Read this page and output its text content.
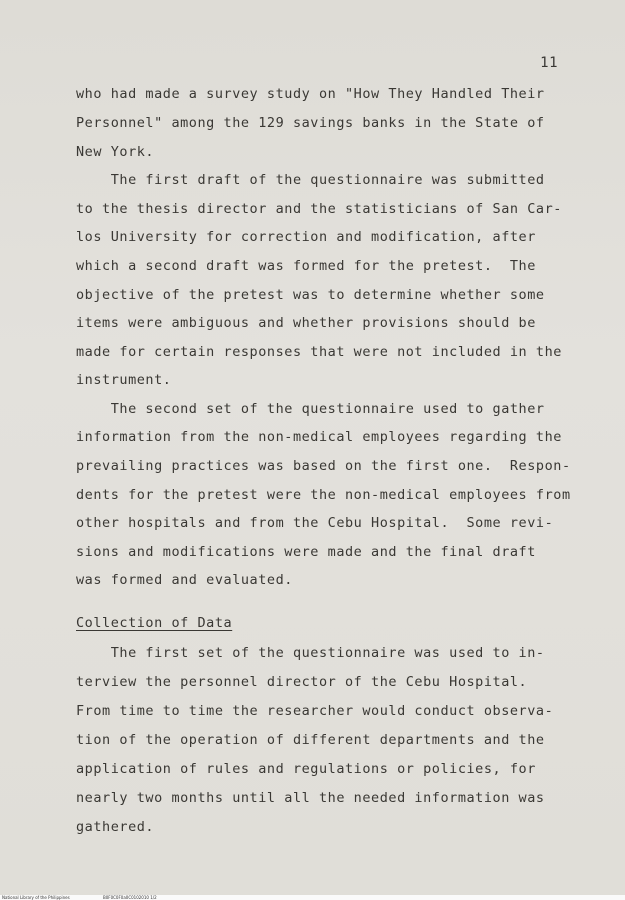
11
who had made a survey study on "How They Handled Their
Personnel" among the 129 savings banks in the State of
New York.
The first draft of the questionnaire was submitted
to the thesis director and the statisticians of San Car-
los University for correction and modification, after
which a second draft was formed for the pretest.  The
objective of the pretest was to determine whether some
items were ambiguous and whether provisions should be
made for certain responses that were not included in the
instrument.
The second set of the questionnaire used to gather
information from the non-medical employees regarding the
prevailing practices was based on the first one.  Respon-
dents for the pretest were the non-medical employees from
other hospitals and from the Cebu Hospital.  Some revi-
sions and modifications were made and the final draft
was formed and evaluated.
Collection of Data
The first set of the questionnaire was used to in-
terview the personnel director of the Cebu Hospital.
From time to time the researcher would conduct observa-
tion of the operation of different departments and the
application of rules and regulations or policies, for
nearly two months until all the needed information was
gathered.
National Library of the Philippines	B0F0C0F0a0C0102010 1/2
